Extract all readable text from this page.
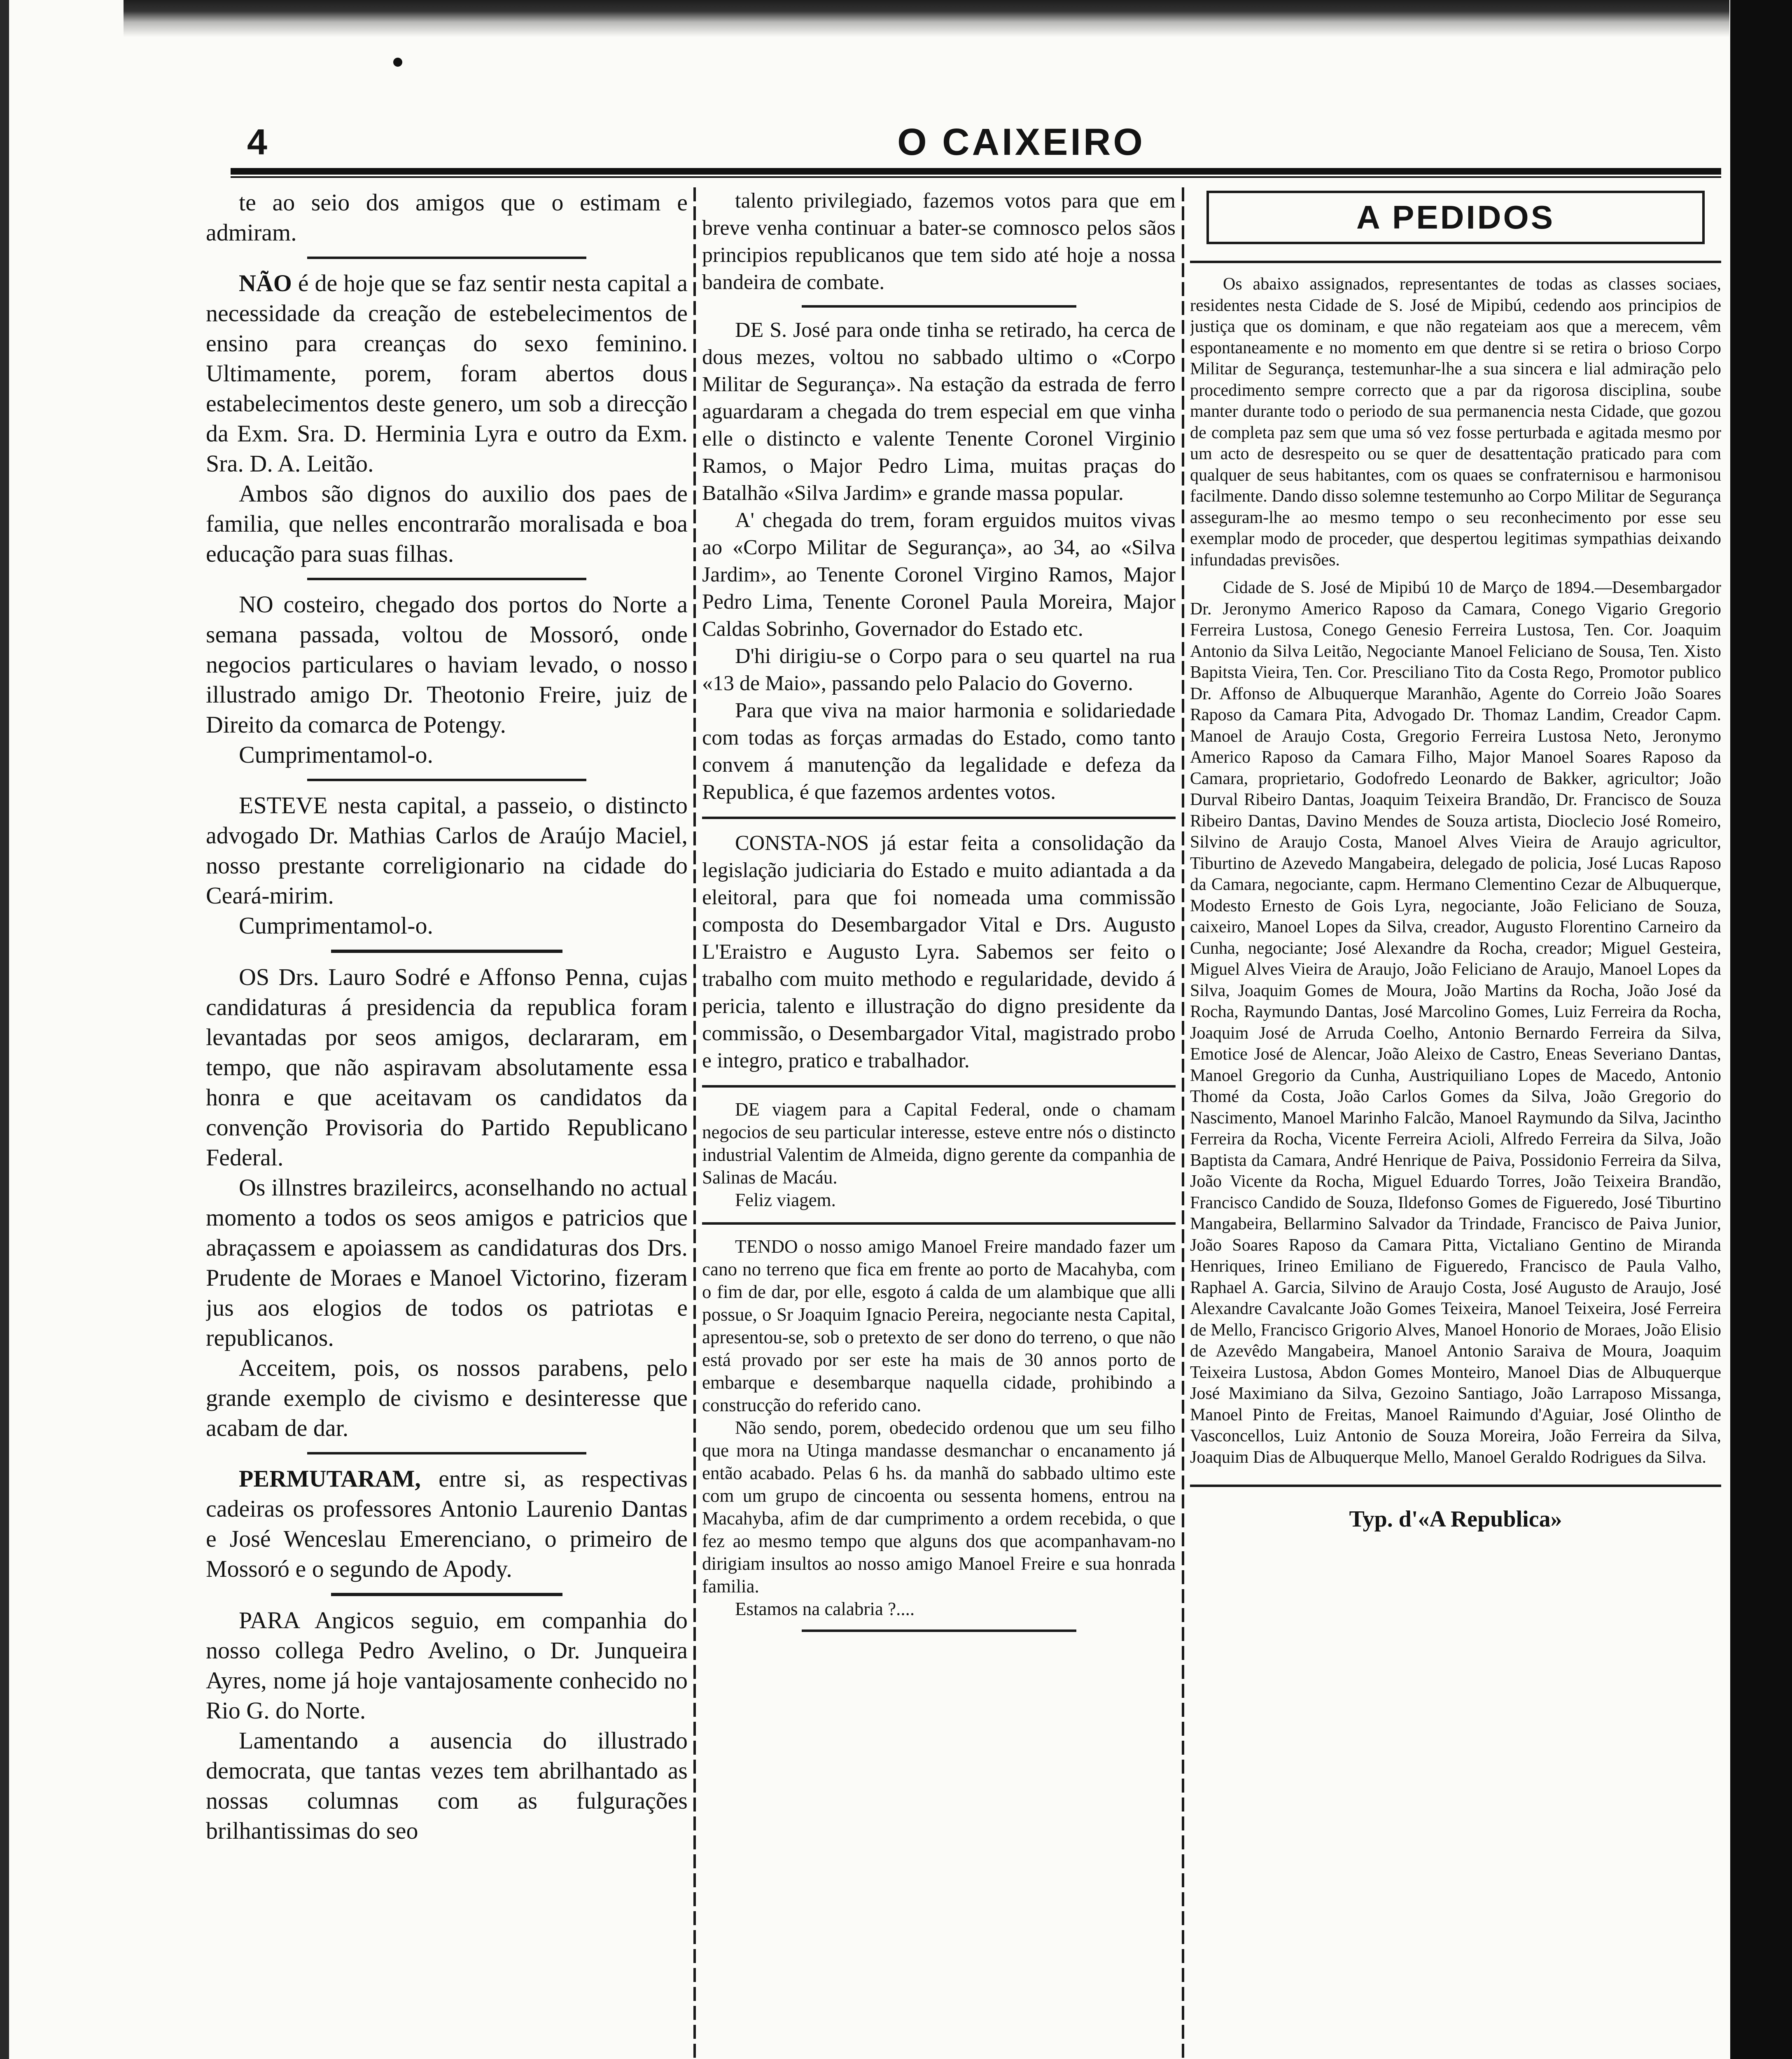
4	O CAIXEIRO

te ao seio dos amigos que o estimam e admiram.

NÃO é de hoje que se faz sentir nesta capital a necessidade da creação de estebelecimentos de ensino para creanças do sexo feminino. Ultimamente, porem, foram abertos dous estabelecimentos deste genero, um sob a direcção da Exm. Sra. D. Herminia Lyra e outro da Exm. Sra. D. A. Leitão.

Ambos são dignos do auxilio dos paes de familia, que nelles encontrarão moralisada e boa educação para suas filhas.

NO costeiro, chegado dos portos do Norte a semana passada, voltou de Mossoró, onde negocios particulares o haviam levado, o nosso illustrado amigo Dr. Theotonio Freire, juiz de Direito da comarca de Potengy.

Cumprimentamol-o.

ESTEVE nesta capital, a passeio, o distincto advogado Dr. Mathias Carlos de Araújo Maciel, nosso prestante correligionario na cidade do Ceará-mirim.

Cumprimentamol-o.

OS Drs. Lauro Sodré e Affonso Penna, cujas candidaturas á presidencia da republica foram levantadas por seos amigos, declararam, em tempo, que não aspiravam absolutamente essa honra e que aceitavam os candidatos da convenção Provisoria do Partido Republicano Federal.

Os illnstres brazileircs, aconselhando no actual momento a todos os seos amigos e patricios que abraçassem e apoiassem as candidaturas dos Drs. Prudente de Moraes e Manoel Victorino, fizeram jus aos elogios de todos os patriotas e republicanos.

Acceitem, pois, os nossos parabens, pelo grande exemplo de civismo e desinteresse que acabam de dar.

PERMUTARAM, entre si, as respectivas cadeiras os professores Antonio Laurenio Dantas e José Wenceslau Emerenciano, o primeiro de Mossoró e o segundo de Apody.

PARA Angicos seguio, em companhia do nosso collega Pedro Avelino, o Dr. Junqueira Ayres, nome já hoje vantajosamente conhecido no Rio G. do Norte.

Lamentando a ausencia do illustrado democrata, que tantas vezes tem abrilhantado as nossas columnas com as fulgurações brilhantissimas do seo

talento privilegiado, fazemos votos para que em breve venha continuar a bater-se comnosco pelos sãos principios republicanos que tem sido até hoje a nossa bandeira de combate.

DE S. José para onde tinha se retirado, ha cerca de dous mezes, voltou no sabbado ultimo o «Corpo Militar de Segurança». Na estação da estrada de ferro aguardaram a chegada do trem especial em que vinha elle o distincto e valente Tenente Coronel Virginio Ramos, o Major Pedro Lima, muitas praças do Batalhão «Silva Jardim» e grande massa popular.

A' chegada do trem, foram erguidos muitos vivas ao «Corpo Militar de Segurança», ao 34, ao «Silva Jardim», ao Tenente Coronel Virgino Ramos, Major Pedro Lima, Tenente Coronel Paula Moreira, Major Caldas Sobrinho, Governador do Estado etc.

D'hi dirigiu-se o Corpo para o seu quartel na rua «13 de Maio», passando pelo Palacio do Governo.

Para que viva na maior harmonia e solidariedade com todas as forças armadas do Estado, como tanto convem á manutenção da legalidade e defeza da Republica, é que fazemos ardentes votos.

CONSTA-NOS já estar feita a consolidação da legislação judiciaria do Estado e muito adiantada a da eleitoral, para que foi nomeada uma commissão composta do Desembargador Vital e Drs. Augusto L'Eraistro e Augusto Lyra. Sabemos ser feito o trabalho com muito methodo e regularidade, devido á pericia, talento e illustração do digno presidente da commissão, o Desembargador Vital, magistrado probo e integro, pratico e trabalhador.

DE viagem para a Capital Federal, onde o chamam negocios de seu particular interesse, esteve entre nós o distincto industrial Valentim de Almeida, digno gerente da companhia de Salinas de Macáu.

Feliz viagem.

TENDO o nosso amigo Manoel Freire mandado fazer um cano no terreno que fica em frente ao porto de Macahyba, com o fim de dar, por elle, esgoto á calda de um alambique que alli possue, o Sr Joaquim Ignacio Pereira, negociante nesta Capital, apresentou-se, sob o pretexto de ser dono do terreno, o que não está provado por ser este ha mais de 30 annos porto de embarque e desembarque naquella cidade, prohibindo a construcção do referido cano.

Não sendo, porem, obedecido ordenou que um seu filho que mora na Utinga mandasse desmanchar o encanamento já então acabado. Pelas 6 hs. da manhã do sabbado ultimo este com um grupo de cincoenta ou sessenta homens, entrou na Macahyba, afim de dar cumprimento a ordem recebida, o que fez ao mesmo tempo que alguns dos que acompanhavam-no dirigiam insultos ao nosso amigo Manoel Freire e sua honrada familia.

Estamos na calabria ?....

A PEDIDOS

Os abaixo assignados, representantes de todas as classes sociaes, residentes nesta Cidade de S. José de Mipibú, cedendo aos principios de justiça que os dominam, e que não regateiam aos que a merecem, vêm espontaneamente e no momento em que dentre si se retira o brioso Corpo Militar de Segurança, testemunhar-lhe a sua sincera e lial admiração pelo procedimento sempre correcto que a par da rigorosa disciplina, soube manter durante todo o periodo de sua permanencia nesta Cidade, que gozou de completa paz sem que uma só vez fosse perturbada e agitada mesmo por um acto de desrespeito ou se quer de desattentação praticado para com qualquer de seus habitantes, com os quaes se confraternisou e harmonisou facilmente. Dando disso solemne testemunho ao Corpo Militar de Segurança asseguram-lhe ao mesmo tempo o seu reconhecimento por esse seu exemplar modo de proceder, que despertou legitimas sympathias deixando infundadas previsões.

Cidade de S. José de Mipibú 10 de Março de 1894.—Desembargador Dr. Jeronymo Americo Raposo da Camara, Conego Vigario Gregorio Ferreira Lustosa, Conego Genesio Ferreira Lustosa, Ten. Cor. Joaquim Antonio da Silva Leitão, Negociante Manoel Feliciano de Sousa, Ten. Xisto Bapitsta Vieira, Ten. Cor. Presciliano Tito da Costa Rego, Promotor publico Dr. Affonso de Albuquerque Maranhão, Agente do Correio João Soares Raposo da Camara Pita, Advogado Dr. Thomaz Landim, Creador Capm. Manoel de Araujo Costa, Gregorio Ferreira Lustosa Neto, Jeronymo Americo Raposo da Camara Filho, Major Manoel Soares Raposo da Camara, proprietario, Godofredo Leonardo de Bakker, agricultor; João Durval Ribeiro Dantas, Joaquim Teixeira Brandão, Dr. Francisco de Souza Ribeiro Dantas, Davino Mendes de Souza artista, Dioclecio José Romeiro, Silvino de Araujo Costa, Manoel Alves Vieira de Araujo agricultor, Tiburtino de Azevedo Mangabeira, delegado de policia, José Lucas Raposo da Camara, negociante, capm. Hermano Clementino Cezar de Albuquerque, Modesto Ernesto de Gois Lyra, negociante, João Feliciano de Souza, caixeiro, Manoel Lopes da Silva, creador, Augusto Florentino Carneiro da Cunha, negociante; José Alexandre da Rocha, creador; Miguel Gesteira, Miguel Alves Vieira de Araujo, João Feliciano de Araujo, Manoel Lopes da Silva, Joaquim Gomes de Moura, João Martins da Rocha, João José da Rocha, Raymundo Dantas, José Marcolino Gomes, Luiz Ferreira da Rocha, Joaquim José de Arruda Coelho, Antonio Bernardo Ferreira da Silva, Emotice José de Alencar, João Aleixo de Castro, Eneas Severiano Dantas, Manoel Gregorio da Cunha, Austriquiliano Lopes de Macedo, Antonio Thomé da Costa, João Carlos Gomes da Silva, João Gregorio do Nascimento, Manoel Marinho Falcão, Manoel Raymundo da Silva, Jacintho Ferreira da Rocha, Vicente Ferreira Acioli, Alfredo Ferreira da Silva, João Baptista da Camara, André Henrique de Paiva, Possidonio Ferreira da Silva, João Vicente da Rocha, Miguel Eduardo Torres, João Teixeira Brandão, Francisco Candido de Souza, Ildefonso Gomes de Figueredo, José Tiburtino Mangabeira, Bellarmino Salvador da Trindade, Francisco de Paiva Junior, João Soares Raposo da Camara Pitta, Victaliano Gentino de Miranda Henriques, Irineo Emiliano de Figueredo, Francisco de Paula Valho, Raphael A. Garcia, Silvino de Araujo Costa, José Augusto de Araujo, José Alexandre Cavalcante João Gomes Teixeira, Manoel Teixeira, José Ferreira de Mello, Francisco Grigorio Alves, Manoel Honorio de Moraes, João Elisio de Azevêdo Mangabeira, Manoel Antonio Saraiva de Moura, Joaquim Teixeira Lustosa, Abdon Gomes Monteiro, Manoel Dias de Albuquerque José Maximiano da Silva, Gezoino Santiago, João Larraposo Missanga, Manoel Pinto de Freitas, Manoel Raimundo d'Aguiar, José Olintho de Vasconcellos, Luiz Antonio de Souza Moreira, João Ferreira da Silva, Joaquim Dias de Albuquerque Mello, Manoel Geraldo Rodrigues da Silva.

Typ. d'«A Republica»
